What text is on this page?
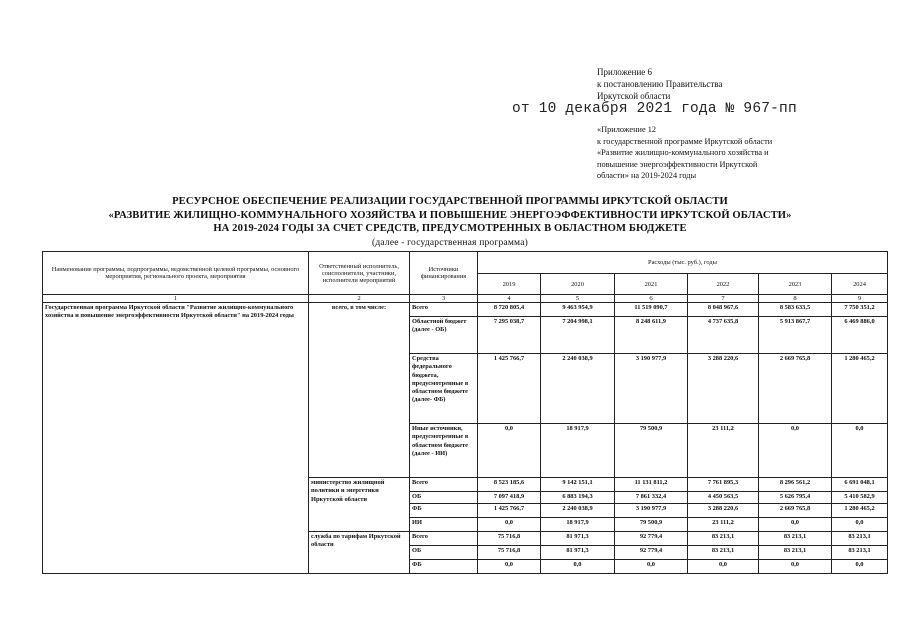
Приложение 6
к постановлению Правительства
Иркутской области
от 10 декабря 2021 года № 967-пп
«Приложение 12
к государственной программе Иркутской области
«Развитие жилищно-коммунального хозяйства и
повышение энергоэффективности Иркутской
области» на 2019-2024 годы
РЕСУРСНОЕ ОБЕСПЕЧЕНИЕ РЕАЛИЗАЦИИ ГОСУДАРСТВЕННОЙ ПРОГРАММЫ ИРКУТСКОЙ ОБЛАСТИ
«РАЗВИТИЕ ЖИЛИЩНО-КОММУНАЛЬНОГО ХОЗЯЙСТВА И ПОВЫШЕНИЕ ЭНЕРГОЭФФЕКТИВНОСТИ ИРКУТСКОЙ ОБЛАСТИ»
НА 2019-2024 ГОДЫ ЗА СЧЕТ СРЕДСТВ, ПРЕДУСМОТРЕННЫХ В ОБЛАСТНОМ БЮДЖЕТЕ
(далее - государственная программа)
Наименование программы, подпрограммы, ведомственной целевой программы, основного мероприятия, регионального проекта, мероприятия	Ответственный исполнитель, соисполнители, участники, исполнители мероприятий	Источники финансирования	Расходы (тыс. руб.), годы					
			2019	2020	2021	2022	2023	2024
1	2	3	4	5	6	7	8	9
Государственная программа Иркутской области "Развитие жилищно-коммунального хозяйства и повышение энергоэффективности Иркутской области" на 2019-2024 годы	всего, в том числе:	Всего	8 720 805,4	9 463 954,9	11 519 090,7	8 048 967,6	8 583 633,5	7 750 351,2
		Областной бюджет (далее - ОБ)	7 295 038,7	7 204 998,1	8 248 611,9	4 737 635,8	5 913 867,7	6 469 886,0
		Средства федерального бюджета, предусмотренные в областном бюджете (далее- ФБ)	1 425 766,7	2 240 038,9	3 190 977,9	3 288 220,6	2 669 765,8	1 280 465,2
		Иные источники, предусмотренные в областном бюджете (далее - ИИ)	0,0	18 917,9	79 500,9	23 111,2	0,0	0,0
	министерство жилищной политики и энергетики Иркутской области	Всего	8 523 185,6	9 142 151,1	11 131 811,2	7 761 895,3	8 296 561,2	6 691 048,1
		ОБ	7 097 418,9	6 883 194,3	7 861 332,4	4 450 563,5	5 626 795,4	5 410 582,9
		ФБ	1 425 766,7	2 240 038,9	3 190 977,9	3 288 220,6	2 669 765,8	1 280 465,2
		ИИ	0,0	18 917,9	79 500,9	23 111,2	0,0	0,0
	служба по тарифам Иркутской области	Всего	75 716,8	81 971,3	92 779,4	83 213,1	83 213,1	83 213,1
		ОБ	75 716,8	81 971,3	92 779,4	83 213,1	83 213,1	83 213,1
		ФБ	0,0	0,0	0,0	0,0	0,0	0,0
